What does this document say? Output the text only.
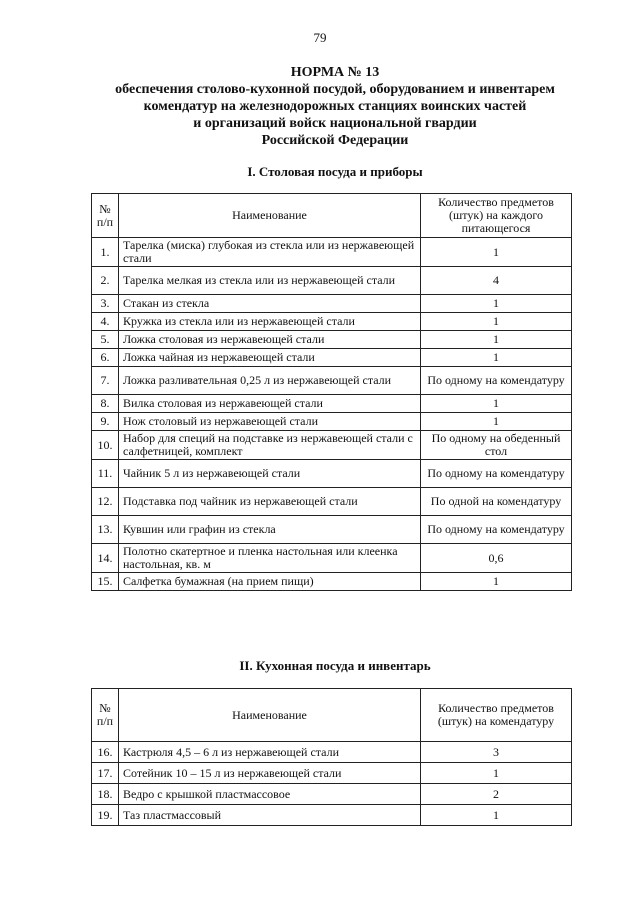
79
НОРМА № 13
обеспечения столово-кухонной посудой, оборудованием и инвентарем
комендатур на железнодорожных станциях воинских частей
и организаций войск национальной гвардии
Российской Федерации
I. Столовая посуда и приборы
№ п/п	Наименование	Количество предметов (штук) на каждого питающегося
1.	Тарелка (миска) глубокая из стекла или из нержавеющей стали	1
2.	Тарелка мелкая из стекла или из нержавеющей стали	4
3.	Стакан из стекла	1
4.	Кружка из стекла или из нержавеющей стали	1
5.	Ложка столовая из нержавеющей стали	1
6.	Ложка чайная из нержавеющей стали	1
7.	Ложка разливательная 0,25 л из нержавеющей стали	По одному на комендатуру
8.	Вилка столовая из нержавеющей стали	1
9.	Нож столовый из нержавеющей стали	1
10.	Набор для специй на подставке из нержавеющей стали с салфетницей, комплект	По одному на обеденный стол
11.	Чайник 5 л из нержавеющей стали	По одному на комендатуру
12.	Подставка под чайник из нержавеющей стали	По одной на комендатуру
13.	Кувшин или графин из стекла	По одному на комендатуру
14.	Полотно скатертное и пленка настольная или клеенка настольная, кв. м	0,6
15.	Салфетка бумажная (на прием пищи)	1
II. Кухонная посуда и инвентарь
№ п/п	Наименование	Количество предметов (штук) на комендатуру
16.	Кастрюля 4,5 – 6 л из нержавеющей стали	3
17.	Сотейник 10 – 15 л из нержавеющей стали	1
18.	Ведро с крышкой пластмассовое	2
19.	Таз пластмассовый	1
